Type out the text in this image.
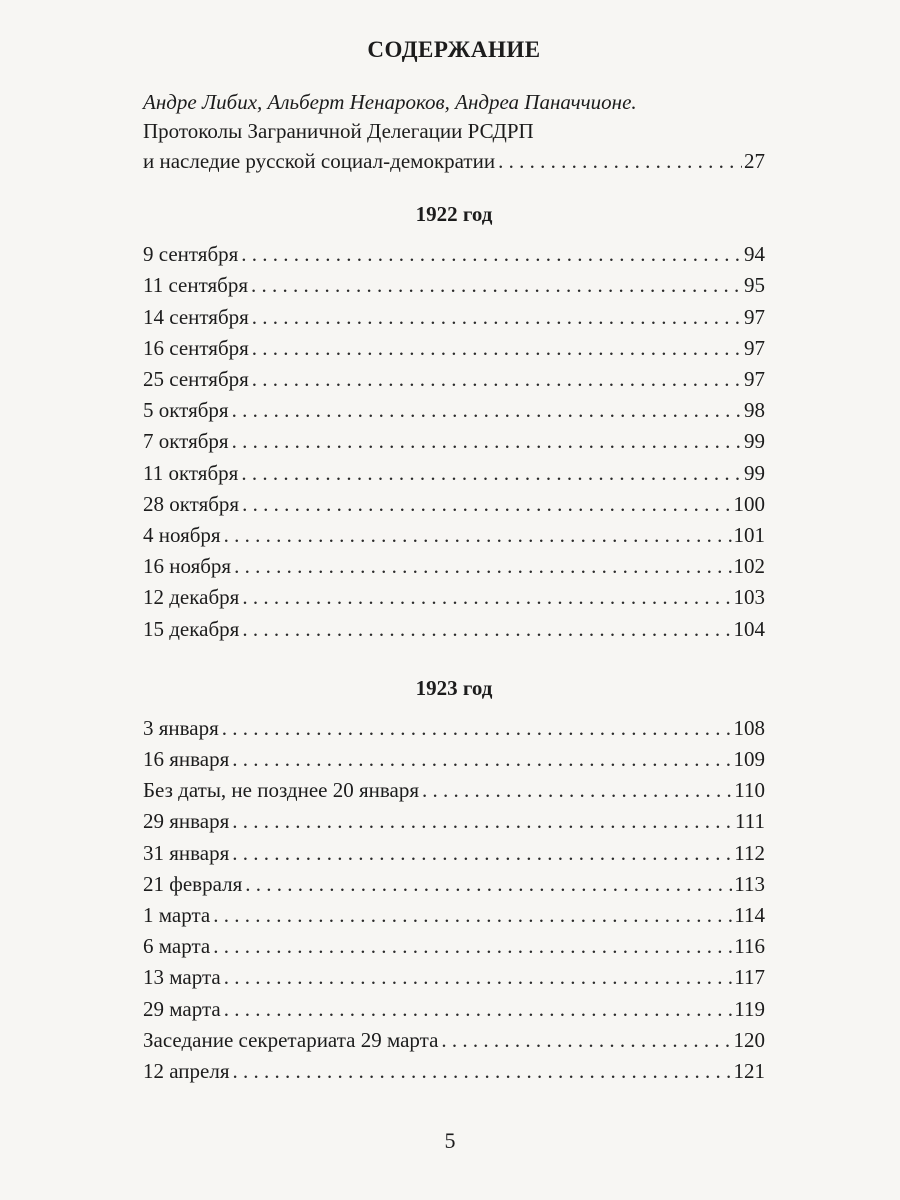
СОДЕРЖАНИЕ
Андре Либих, Альберт Ненароков, Андреа Паначчионе.
Протоколы Заграничной Делегации РСДРП
и наследие русской социал-демократии . . .	27
1922 год
9 сентября . . .	94
11 сентября . . .	95
14 сентября . . .	97
16 сентября . . .	97
25 сентября . . .	97
5 октября . . .	98
7 октября . . .	99
11 октября . . .	99
28 октября . . .	100
4 ноября . . .	101
16 ноября . . .	102
12 декабря . . .	103
15 декабря . . .	104
1923 год
3 января . . .	108
16 января . . .	109
Без даты, не позднее 20 января . . .	110
29 января . . .	111
31 января . . .	112
21 февраля . . .	113
1 марта . . .	114
6 марта . . .	116
13 марта . . .	117
29 марта . . .	119
Заседание секретариата 29 марта . . .	120
12 апреля . . .	121
5
